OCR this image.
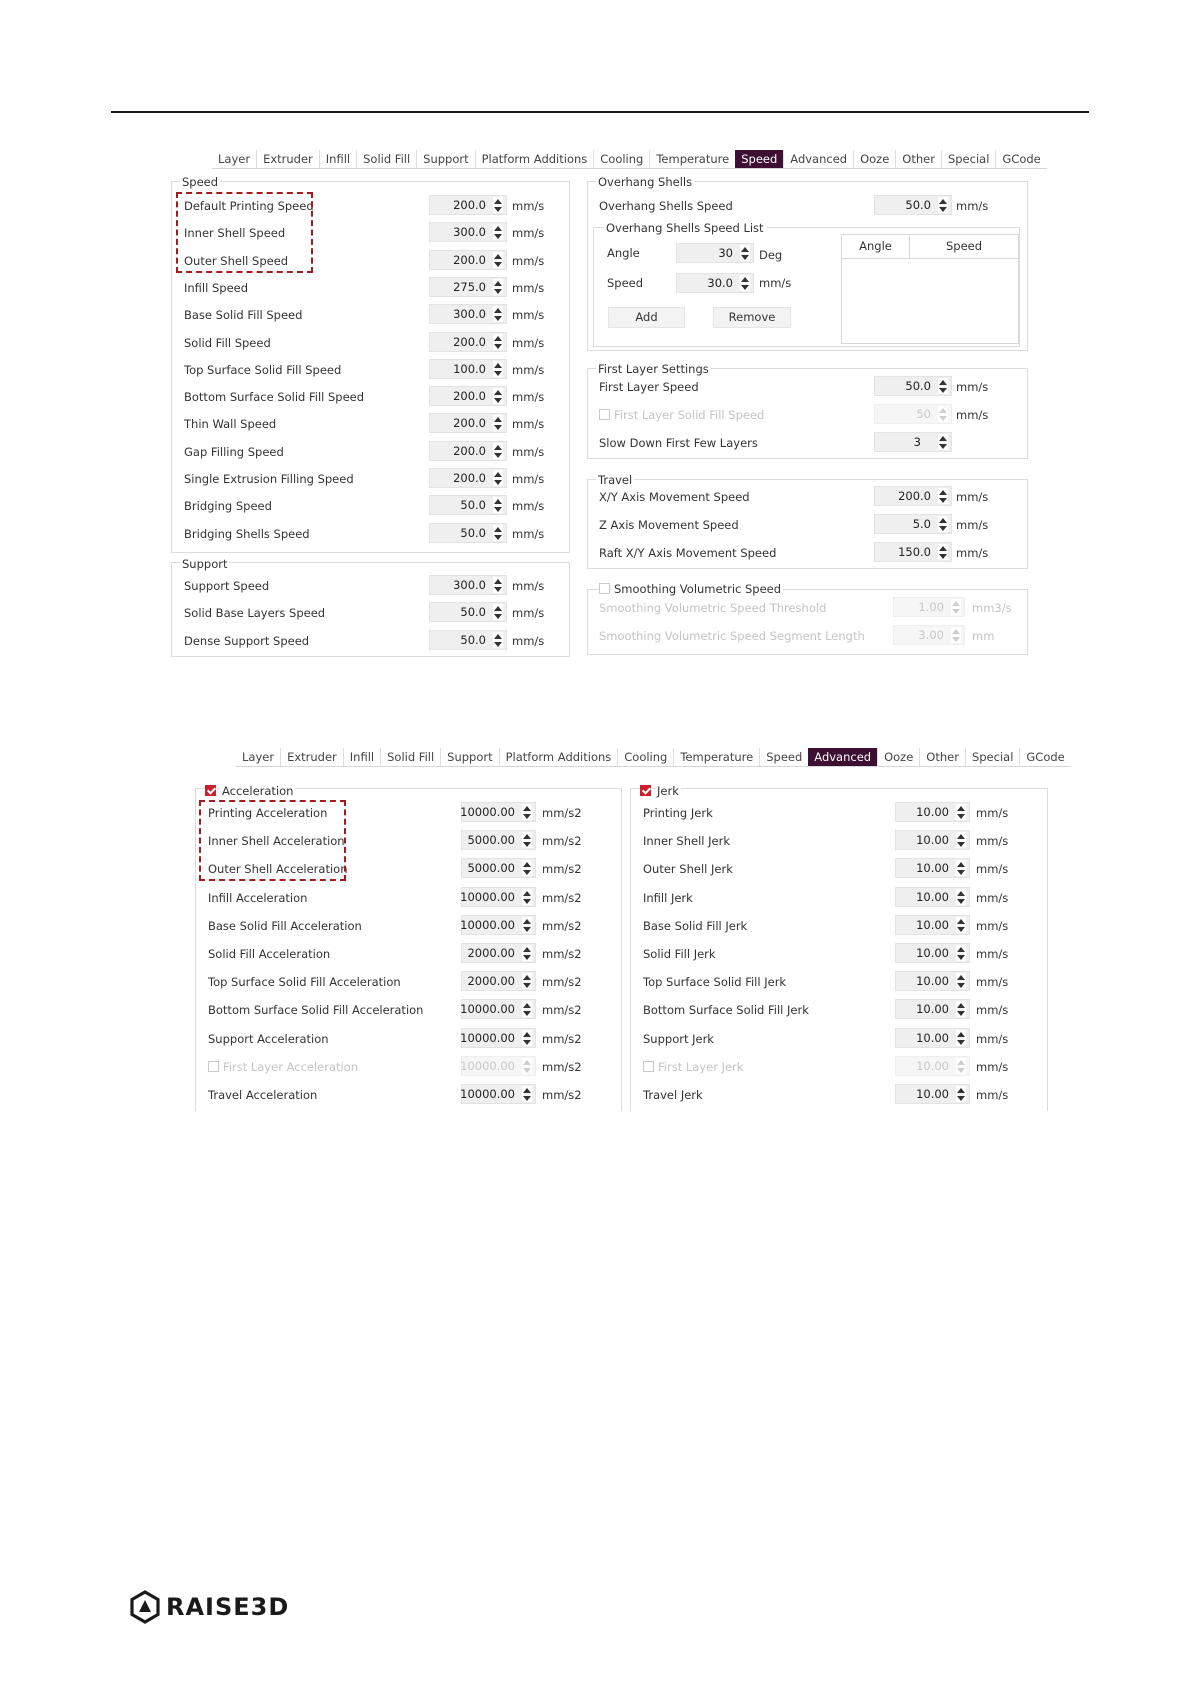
Layer	Extruder	Infill	Solid Fill	Support	Platform Additions	Cooling	Temperature	Speed	Advanced	Ooze	Other	Special	GCode
Speed
Default Printing Speed	200.0 mm/s
Inner Shell Speed	300.0 mm/s
Outer Shell Speed	200.0 mm/s
Infill Speed	275.0 mm/s
Base Solid Fill Speed	300.0 mm/s
Solid Fill Speed	200.0 mm/s
Top Surface Solid Fill Speed	100.0 mm/s
Bottom Surface Solid Fill Speed	200.0 mm/s
Thin Wall Speed	200.0 mm/s
Gap Filling Speed	200.0 mm/s
Single Extrusion Filling Speed	200.0 mm/s
Bridging Speed	50.0 mm/s
Bridging Shells Speed	50.0 mm/s
Support
Support Speed	300.0 mm/s
Solid Base Layers Speed	50.0 mm/s
Dense Support Speed	50.0 mm/s
Overhang Shells
Overhang Shells Speed	50.0 mm/s
Overhang Shells Speed List
Angle	30 Deg
Speed	30.0 mm/s
Add	Remove
Angle	Speed
First Layer Settings
First Layer Speed	50.0 mm/s
First Layer Solid Fill Speed	50 mm/s
Slow Down First Few Layers	3
Travel
X/Y Axis Movement Speed	200.0 mm/s
Z Axis Movement Speed	5.0 mm/s
Raft X/Y Axis Movement Speed	150.0 mm/s
Smoothing Volumetric Speed
Smoothing Volumetric Speed Threshold	1.00 mm3/s
Smoothing Volumetric Speed Segment Length	3.00 mm
Layer	Extruder	Infill	Solid Fill	Support	Platform Additions	Cooling	Temperature	Speed	Advanced	Ooze	Other	Special	GCode
Acceleration
Printing Acceleration	10000.00 mm/s2
Inner Shell Acceleration	5000.00 mm/s2
Outer Shell Acceleration	5000.00 mm/s2
Infill Acceleration	10000.00 mm/s2
Base Solid Fill Acceleration	10000.00 mm/s2
Solid Fill Acceleration	2000.00 mm/s2
Top Surface Solid Fill Acceleration	2000.00 mm/s2
Bottom Surface Solid Fill Acceleration	10000.00 mm/s2
Support Acceleration	10000.00 mm/s2
First Layer Acceleration	10000.00 mm/s2
Travel Acceleration	10000.00 mm/s2
Jerk
Printing Jerk	10.00 mm/s
Inner Shell Jerk	10.00 mm/s
Outer Shell Jerk	10.00 mm/s
Infill Jerk	10.00 mm/s
Base Solid Fill Jerk	10.00 mm/s
Solid Fill Jerk	10.00 mm/s
Top Surface Solid Fill Jerk	10.00 mm/s
Bottom Surface Solid Fill Jerk	10.00 mm/s
Support Jerk	10.00 mm/s
First Layer Jerk	10.00 mm/s
Travel Jerk	10.00 mm/s
RAISE3D
